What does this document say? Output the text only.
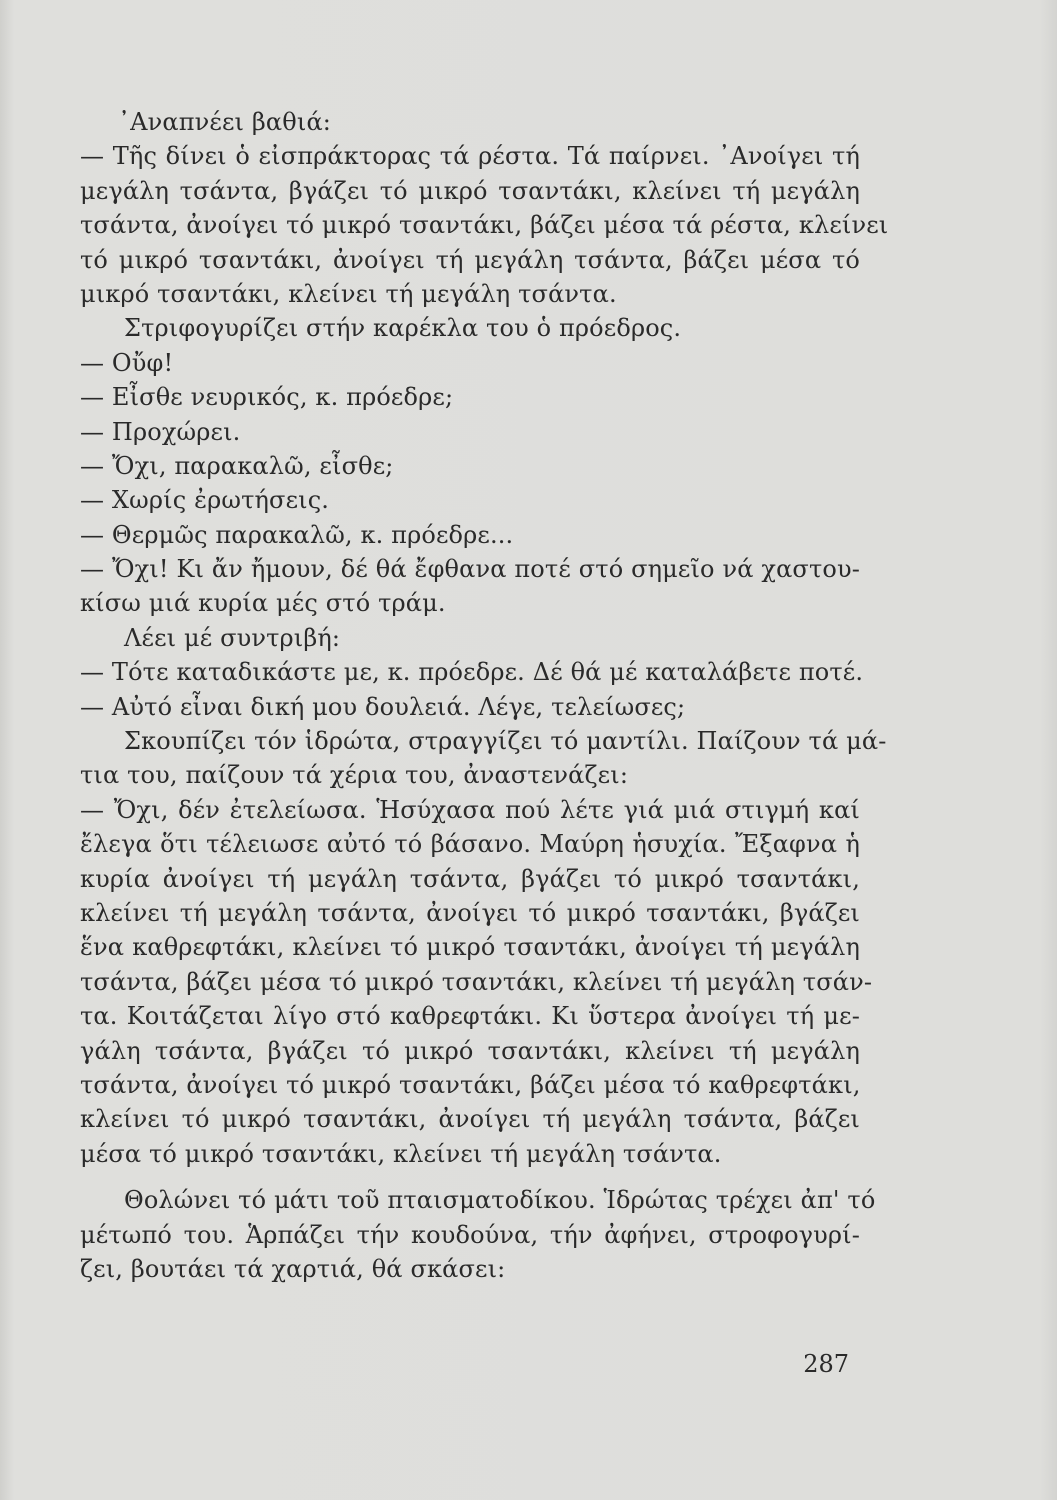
᾿Αναπνέει βαθιά:
— Τῆς δίνει ὁ εἰσπράκτορας τά ρέστα. Τά παίρνει. ᾿Ανοίγει τή
μεγάλη τσάντα, βγάζει τό μικρό τσαντάκι, κλείνει τή μεγάλη
τσάντα, ἀνοίγει τό μικρό τσαντάκι, βάζει μέσα τά ρέστα, κλείνει
τό μικρό τσαντάκι, ἀνοίγει τή μεγάλη τσάντα, βάζει μέσα τό
μικρό τσαντάκι, κλείνει τή μεγάλη τσάντα.
Στριφογυρίζει στήν καρέκλα του ὁ πρόεδρος.
— Οὔφ!
— Εἶσθε νευρικός, κ. πρόεδρε;
— Προχώρει.
— Ὄχι, παρακαλῶ, εἶσθε;
— Χωρίς ἐρωτήσεις.
— Θερμῶς παρακαλῶ, κ. πρόεδρε...
— Ὄχι! Κι ἄν ἤμουν, δέ θά ἔφθανα ποτέ στό σημεῖο νά χαστου-
κίσω μιά κυρία μές στό τράμ.
Λέει μέ συντριβή:
— Τότε καταδικάστε με, κ. πρόεδρε. Δέ θά μέ καταλάβετε ποτέ.
— Αὐτό εἶναι δική μου δουλειά. Λέγε, τελείωσες;
Σκουπίζει τόν ἱδρώτα, στραγγίζει τό μαντίλι. Παίζουν τά μά-
τια του, παίζουν τά χέρια του, ἀναστενάζει:
— Ὄχι, δέν ἐτελείωσα. Ἡσύχασα πού λέτε γιά μιά στιγμή καί
ἔλεγα ὅτι τέλειωσε αὐτό τό βάσανο. Μαύρη ἡσυχία. Ἔξαφνα ἡ
κυρία ἀνοίγει τή μεγάλη τσάντα, βγάζει τό μικρό τσαντάκι,
κλείνει τή μεγάλη τσάντα, ἀνοίγει τό μικρό τσαντάκι, βγάζει
ἕνα καθρεφτάκι, κλείνει τό μικρό τσαντάκι, ἀνοίγει τή μεγάλη
τσάντα, βάζει μέσα τό μικρό τσαντάκι, κλείνει τή μεγάλη τσάν-
τα. Κοιτάζεται λίγο στό καθρεφτάκι. Κι ὕστερα ἀνοίγει τή με-
γάλη τσάντα, βγάζει τό μικρό τσαντάκι, κλείνει τή μεγάλη
τσάντα, ἀνοίγει τό μικρό τσαντάκι, βάζει μέσα τό καθρεφτάκι,
κλείνει τό μικρό τσαντάκι, ἀνοίγει τή μεγάλη τσάντα, βάζει
μέσα τό μικρό τσαντάκι, κλείνει τή μεγάλη τσάντα.
Θολώνει τό μάτι τοῦ πταισματοδίκου. Ἱδρώτας τρέχει ἀπ' τό
μέτωπό του. Ἁρπάζει τήν κουδούνα, τήν ἀφήνει, στροφογυρί-
ζει, βουτάει τά χαρτιά, θά σκάσει:
287
